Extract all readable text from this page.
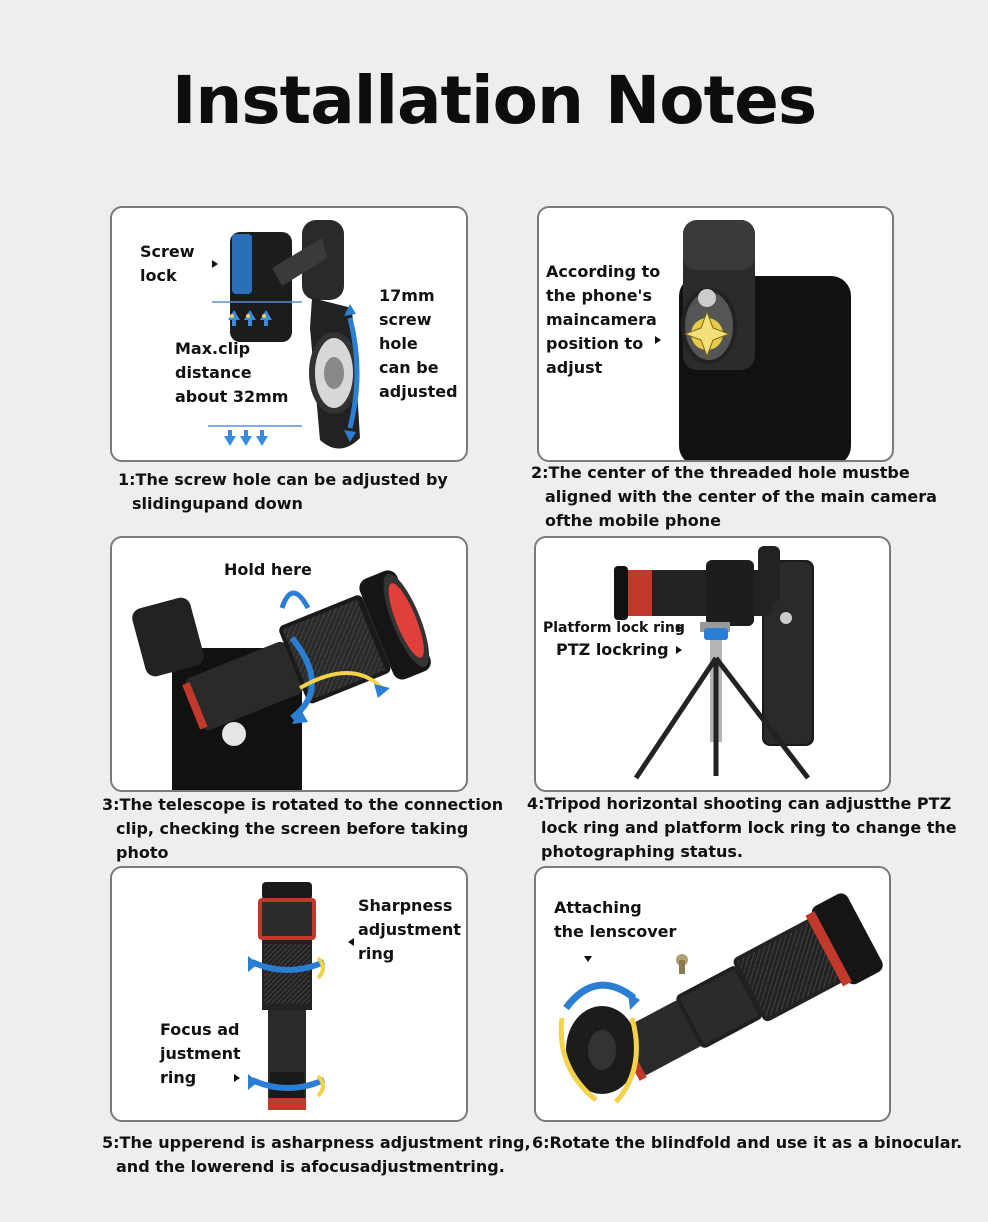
Installation Notes
Screw
lock
17mm
screw
hole
can be
adjusted
Max.clip
distance
about 32mm
1:The screw hole can be adjusted by
slidingupand down
According to
the phone's
maincamera
position to
adjust
2:The center of the threaded hole mustbe
aligned with the center of the main camera
ofthe mobile phone
Hold here
3:The telescope is rotated to the connection
clip, checking the screen before taking
photo
Platform lock ring
PTZ lockring
4:Tripod horizontal shooting can adjustthe PTZ
lock ring and platform lock ring to change the
photographing status.
Sharpness
adjustment
ring
Focus ad
justment
ring
5:The upperend is asharpness adjustment ring,
and the lowerend is afocusadjustmentring.
Attaching
the lenscover
6:Rotate the blindfold and use it as a binocular.
